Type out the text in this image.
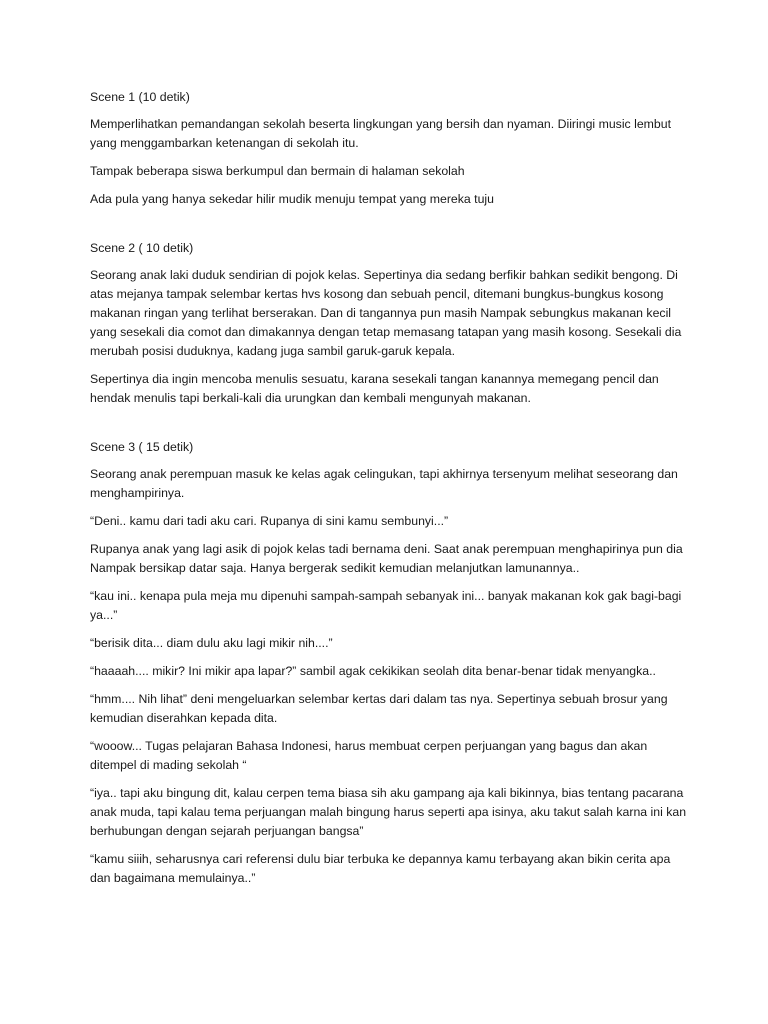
Scene 1 (10 detik)

Memperlihatkan pemandangan sekolah beserta lingkungan yang bersih dan nyaman. Diiringi music lembut yang menggambarkan ketenangan di sekolah itu.

Tampak beberapa siswa berkumpul dan bermain di halaman sekolah

Ada pula yang hanya sekedar hilir mudik menuju tempat yang mereka tuju

Scene 2 ( 10 detik)

Seorang anak laki duduk sendirian di pojok kelas. Sepertinya dia sedang berfikir bahkan sedikit bengong. Di atas mejanya tampak selembar kertas hvs kosong dan sebuah pencil, ditemani bungkus-bungkus kosong makanan ringan yang terlihat berserakan. Dan di tangannya pun masih Nampak sebungkus makanan kecil yang sesekali dia comot dan dimakannya dengan tetap memasang tatapan yang masih kosong. Sesekali dia merubah posisi duduknya, kadang juga sambil garuk-garuk kepala.

Sepertinya dia ingin mencoba menulis sesuatu, karana sesekali tangan kanannya memegang pencil dan hendak menulis tapi berkali-kali dia urungkan dan kembali mengunyah makanan.

Scene 3 ( 15 detik)

Seorang anak perempuan masuk ke kelas agak celingukan, tapi akhirnya tersenyum melihat seseorang dan menghampirinya.

“Deni.. kamu dari tadi aku cari. Rupanya di sini kamu sembunyi...”

Rupanya anak yang lagi asik di pojok kelas tadi bernama deni. Saat anak perempuan menghapirinya pun dia Nampak bersikap datar saja. Hanya bergerak sedikit kemudian melanjutkan lamunannya..

“kau ini.. kenapa pula meja mu dipenuhi sampah-sampah sebanyak ini... banyak makanan kok gak bagi-bagi ya...”

“berisik dita... diam dulu aku lagi mikir nih....”

“haaaah.... mikir? Ini mikir apa lapar?” sambil agak cekikikan seolah dita benar-benar tidak menyangka..

“hmm.... Nih lihat” deni mengeluarkan selembar kertas dari dalam tas nya. Sepertinya sebuah brosur yang kemudian diserahkan kepada dita.

“wooow... Tugas pelajaran Bahasa Indonesi, harus membuat cerpen perjuangan yang bagus dan akan ditempel di mading sekolah “

“iya.. tapi aku bingung dit, kalau cerpen tema biasa sih aku gampang aja kali bikinnya, bias tentang pacarana anak muda, tapi kalau tema perjuangan malah bingung harus seperti apa isinya, aku takut salah karna ini kan berhubungan dengan sejarah perjuangan bangsa”

“kamu siiih, seharusnya cari referensi dulu biar terbuka ke depannya kamu terbayang akan bikin cerita apa dan bagaimana memulainya..”
